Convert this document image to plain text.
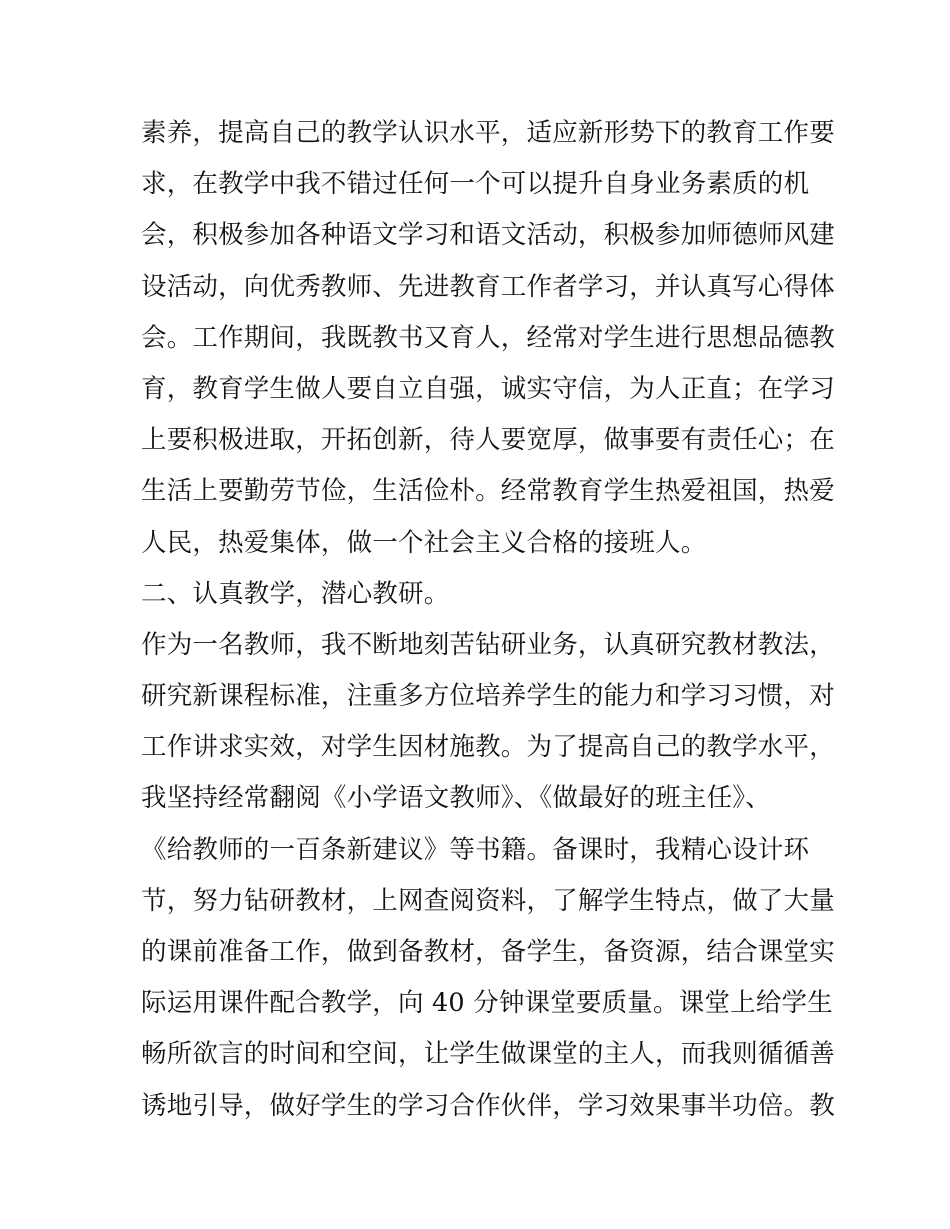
素养，提高自己的教学认识水平，适应新形势下的教育工作要
求，在教学中我不错过任何一个可以提升自身业务素质的机
会，积极参加各种语文学习和语文活动，积极参加师德师风建
设活动，向优秀教师、先进教育工作者学习，并认真写心得体
会。工作期间，我既教书又育人，经常对学生进行思想品德教
育，教育学生做人要自立自强，诚实守信，为人正直；在学习
上要积极进取，开拓创新，待人要宽厚，做事要有责任心；在
生活上要勤劳节俭，生活俭朴。经常教育学生热爱祖国，热爱
人民，热爱集体，做一个社会主义合格的接班人。
二、认真教学，潜心教研。
作为一名教师，我不断地刻苦钻研业务，认真研究教材教法，
研究新课程标准，注重多方位培养学生的能力和学习习惯，对
工作讲求实效，对学生因材施教。为了提高自己的教学水平，
我坚持经常翻阅《小学语文教师》、《做最好的班主任》、
《给教师的一百条新建议》等书籍。备课时，我精心设计环
节，努力钻研教材，上网查阅资料，了解学生特点，做了大量
的课前准备工作，做到备教材，备学生，备资源，结合课堂实
际运用课件配合教学，向 40 分钟课堂要质量。课堂上给学生
畅所欲言的时间和空间，让学生做课堂的主人，而我则循循善
诱地引导，做好学生的学习合作伙伴，学习效果事半功倍。教
